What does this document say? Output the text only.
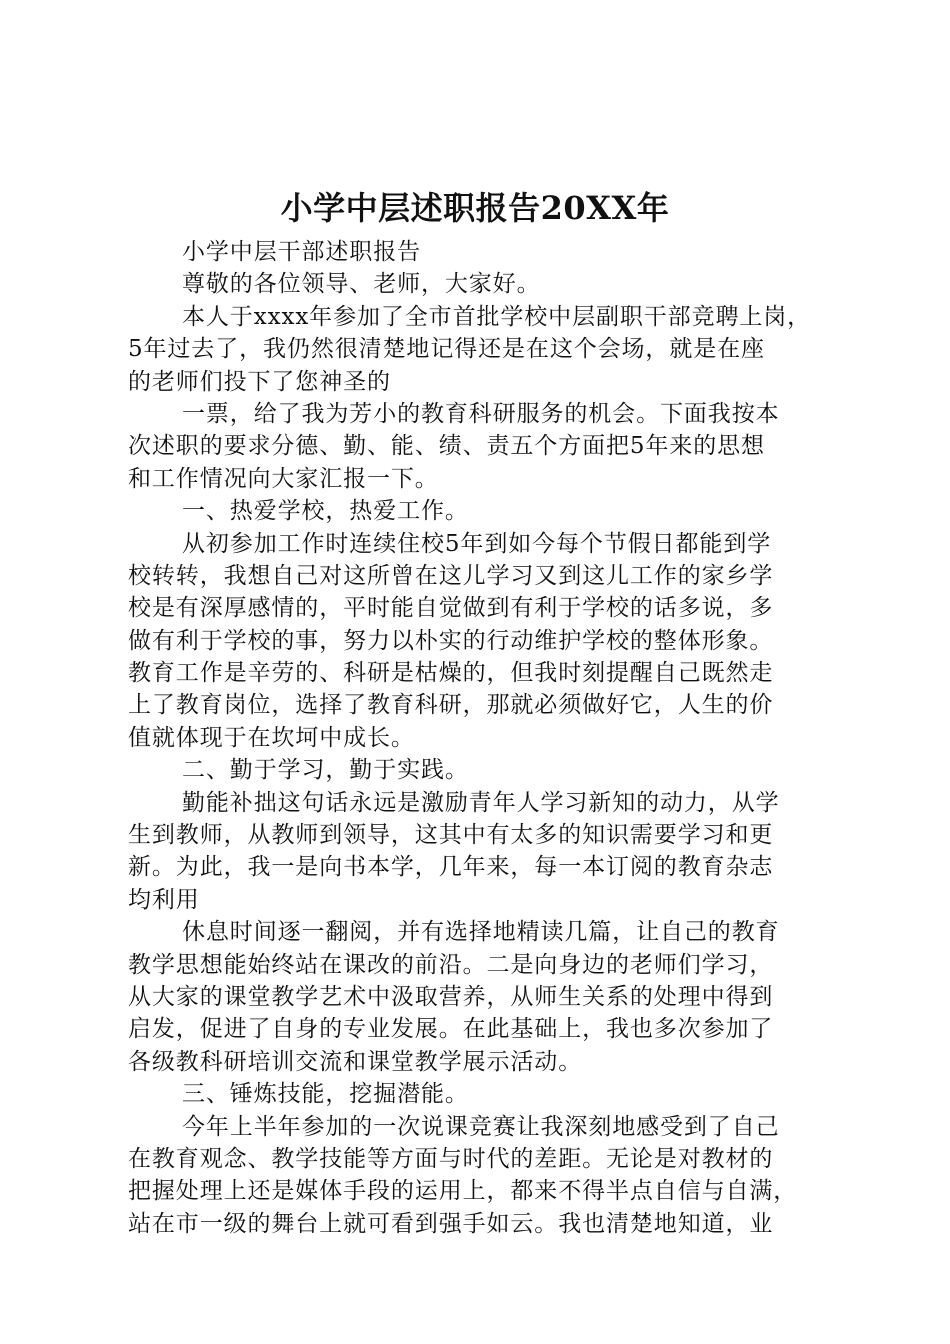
小学中层述职报告20XX年
小学中层干部述职报告
尊敬的各位领导、老师，大家好。
本人于xxxx年参加了全市首批学校中层副职干部竞聘上岗，
5年过去了，我仍然很清楚地记得还是在这个会场，就是在座
的老师们投下了您神圣的
一票，给了我为芳小的教育科研服务的机会。下面我按本
次述职的要求分德、勤、能、绩、责五个方面把5年来的思想
和工作情况向大家汇报一下。
一、热爱学校，热爱工作。
从初参加工作时连续住校5年到如今每个节假日都能到学
校转转，我想自己对这所曾在这儿学习又到这儿工作的家乡学
校是有深厚感情的，平时能自觉做到有利于学校的话多说，多
做有利于学校的事，努力以朴实的行动维护学校的整体形象。
教育工作是辛劳的、科研是枯燥的，但我时刻提醒自己既然走
上了教育岗位，选择了教育科研，那就必须做好它，人生的价
值就体现于在坎坷中成长。
二、勤于学习，勤于实践。
勤能补拙这句话永远是激励青年人学习新知的动力，从学
生到教师，从教师到领导，这其中有太多的知识需要学习和更
新。为此，我一是向书本学，几年来，每一本订阅的教育杂志
均利用
休息时间逐一翻阅，并有选择地精读几篇，让自己的教育
教学思想能始终站在课改的前沿。二是向身边的老师们学习，
从大家的课堂教学艺术中汲取营养，从师生关系的处理中得到
启发，促进了自身的专业发展。在此基础上，我也多次参加了
各级教科研培训交流和课堂教学展示活动。
三、锤炼技能，挖掘潜能。
今年上半年参加的一次说课竞赛让我深刻地感受到了自己
在教育观念、教学技能等方面与时代的差距。无论是对教材的
把握处理上还是媒体手段的运用上，都来不得半点自信与自满，
站在市一级的舞台上就可看到强手如云。我也清楚地知道，业
